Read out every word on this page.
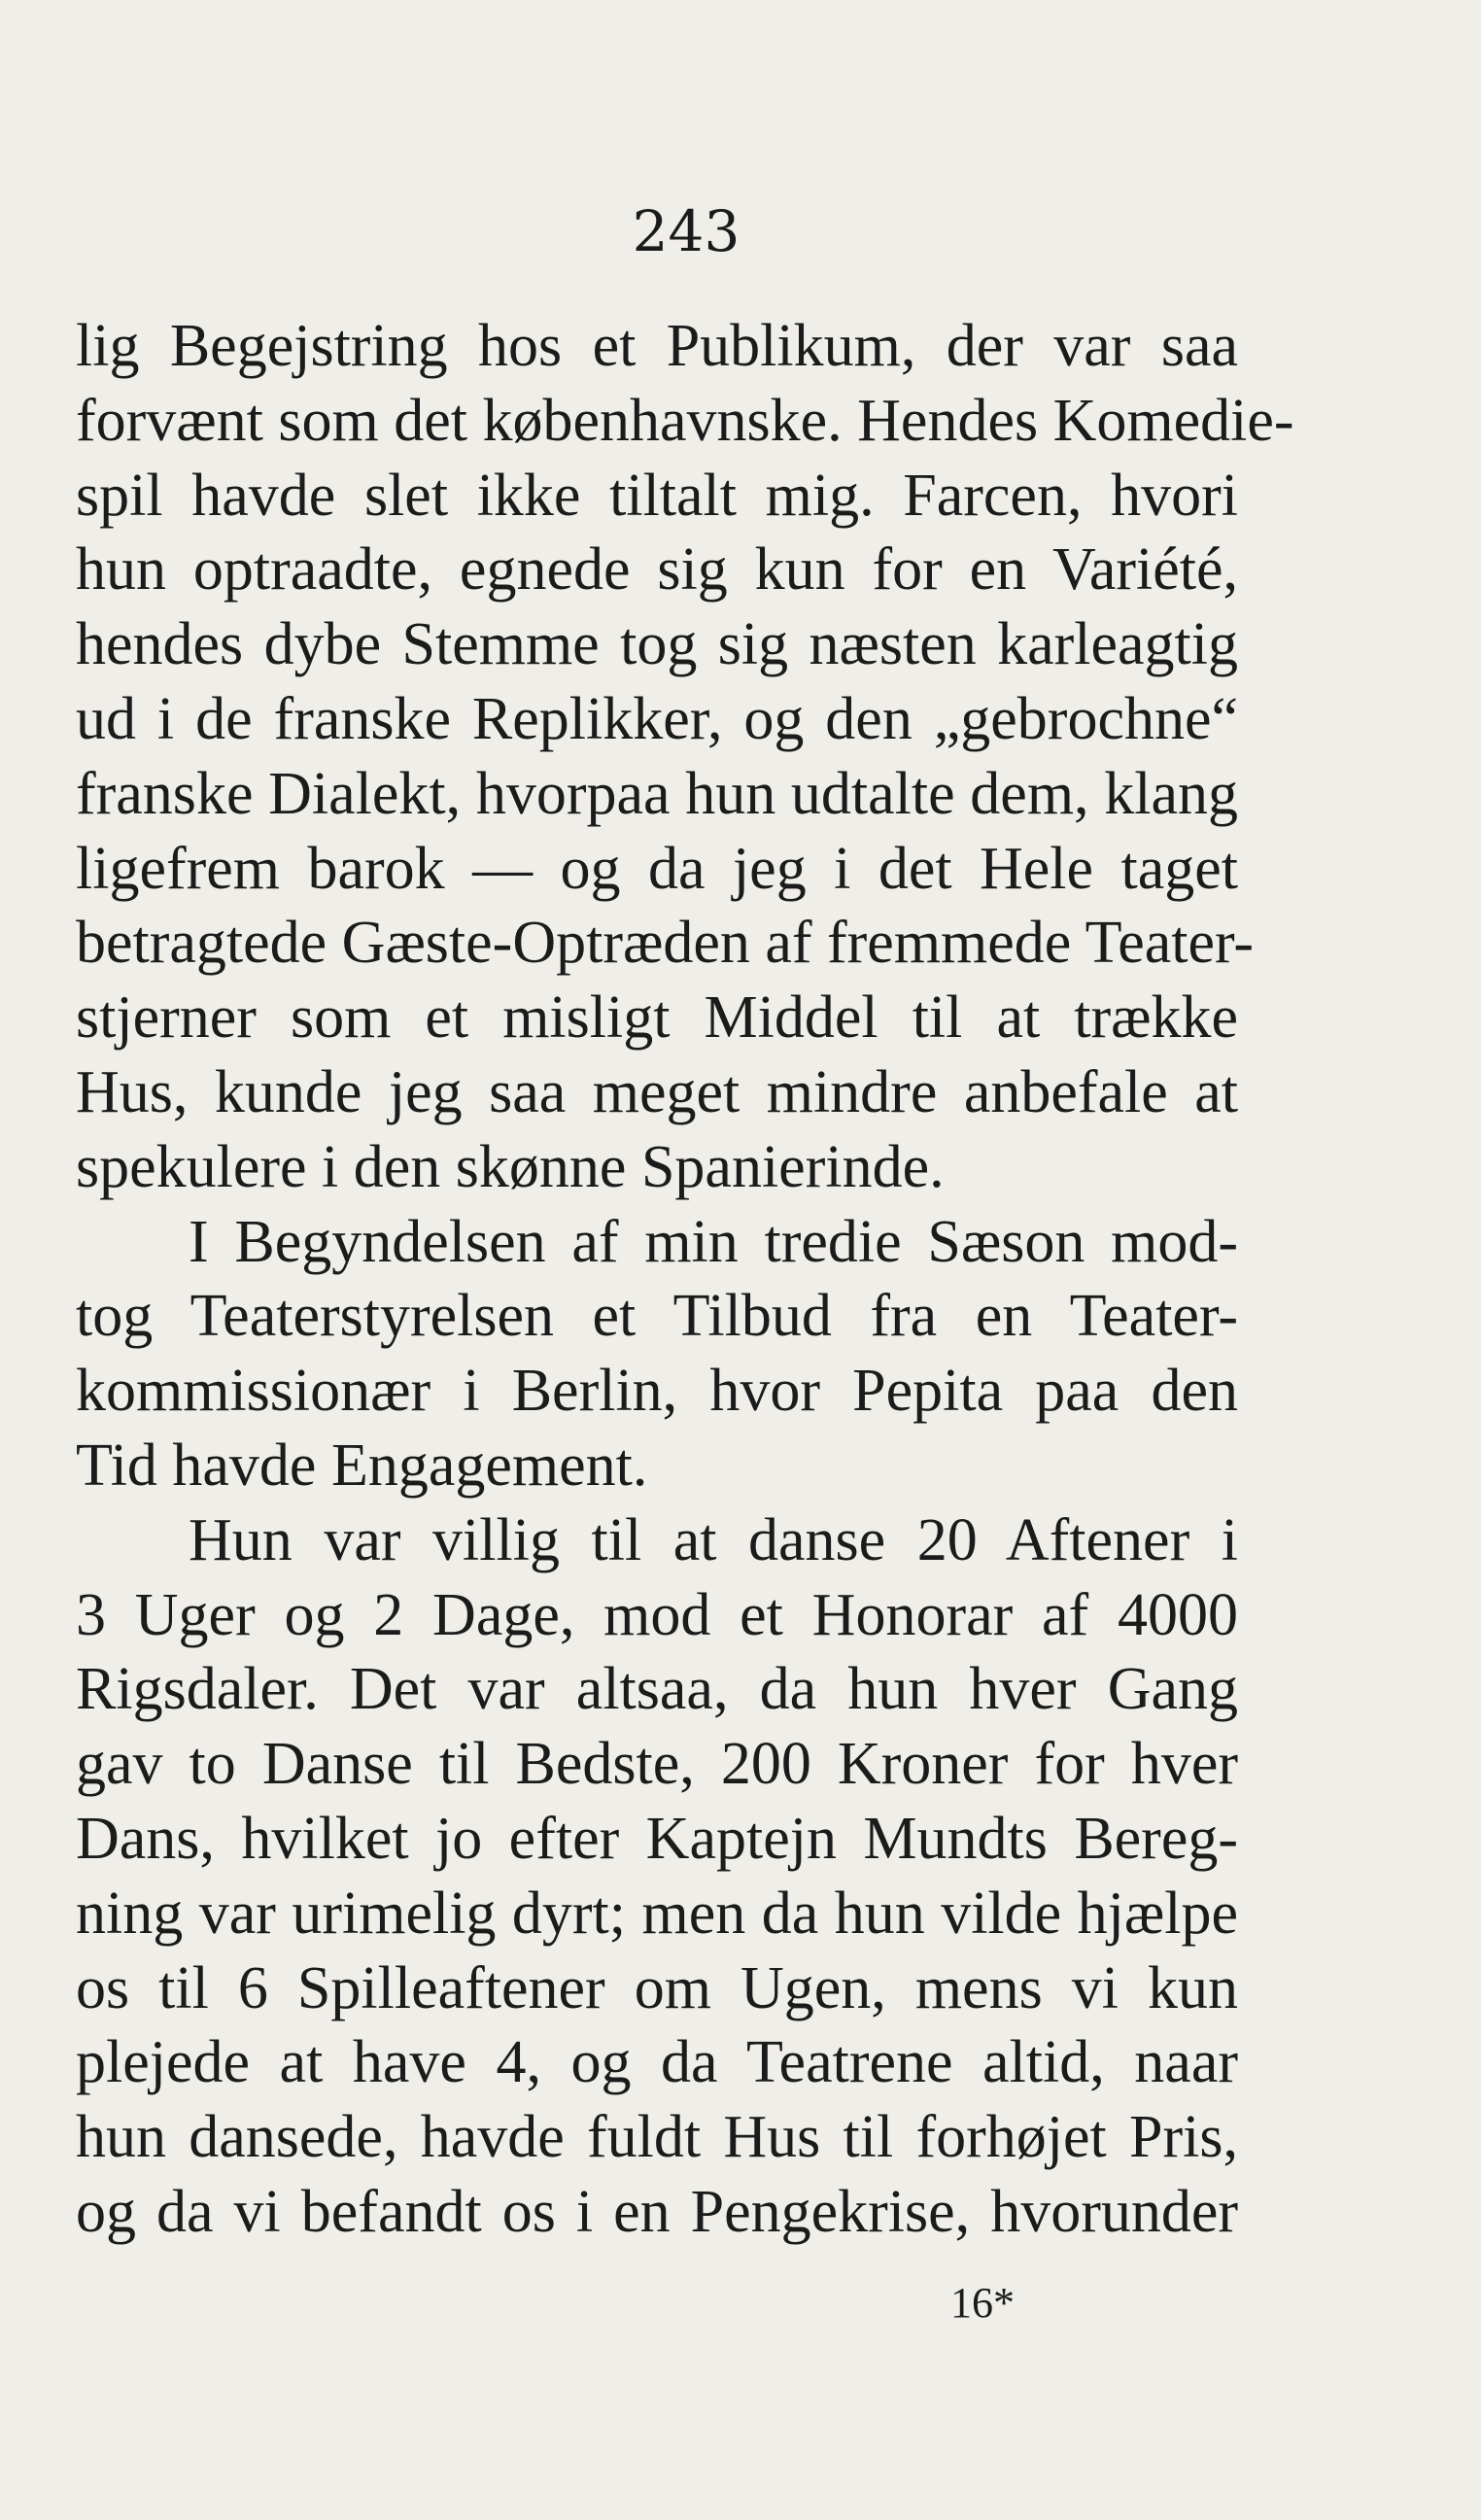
243
lig Begejstring hos et Publikum, der var saa
forvænt som det københavnske. Hendes Komedie-
spil havde slet ikke tiltalt mig. Farcen, hvori
hun optraadte, egnede sig kun for en Variété,
hendes dybe Stemme tog sig næsten karleagtig
ud i de franske Replikker, og den „gebrochne“
franske Dialekt, hvorpaa hun udtalte dem, klang
ligefrem barok — og da jeg i det Hele taget
betragtede Gæste-Optræden af fremmede Teater-
stjerner som et misligt Middel til at trække
Hus, kunde jeg saa meget mindre anbefale at
spekulere i den skønne Spanierinde.
I Begyndelsen af min tredie Sæson mod-
tog Teaterstyrelsen et Tilbud fra en Teater-
kommissionær i Berlin, hvor Pepita paa den
Tid havde Engagement.
Hun var villig til at danse 20 Aftener i
3 Uger og 2 Dage, mod et Honorar af 4000
Rigsdaler. Det var altsaa, da hun hver Gang
gav to Danse til Bedste, 200 Kroner for hver
Dans, hvilket jo efter Kaptejn Mundts Bereg-
ning var urimelig dyrt; men da hun vilde hjælpe
os til 6 Spilleaftener om Ugen, mens vi kun
plejede at have 4, og da Teatrene altid, naar
hun dansede, havde fuldt Hus til forhøjet Pris,
og da vi befandt os i en Pengekrise, hvorunder
16*
